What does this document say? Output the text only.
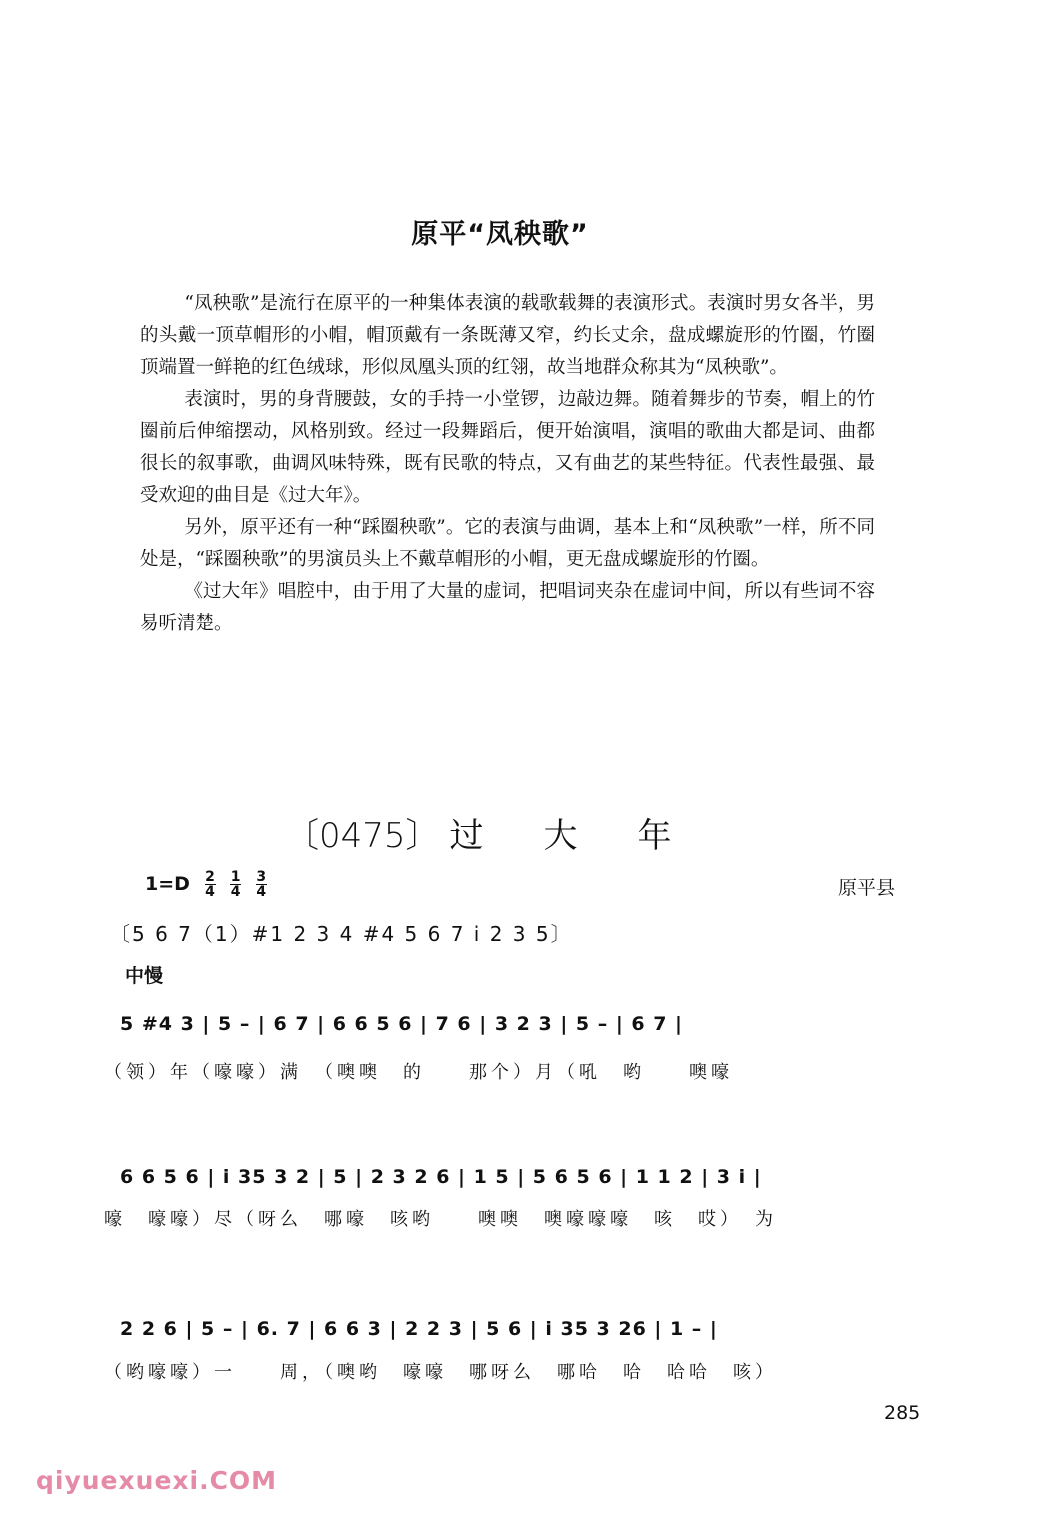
原平“凤秧歌”

“凤秧歌”是流行在原平的一种集体表演的载歌载舞的表演形式。表演时男女各半，男的头戴一顶草帽形的小帽，帽顶戴有一条既薄又窄，约长丈余，盘成螺旋形的竹圈，竹圈顶端置一鲜艳的红色绒球，形似凤凰头顶的红翎，故当地群众称其为“凤秧歌”。

表演时，男的身背腰鼓，女的手持一小堂锣，边敲边舞。随着舞步的节奏，帽上的竹圈前后伸缩摆动，风格别致。经过一段舞蹈后，便开始演唱，演唱的歌曲大都是词、曲都很长的叙事歌，曲调风味特殊，既有民歌的特点，又有曲艺的某些特征。代表性最强、最受欢迎的曲目是《过大年》。

另外，原平还有一种“踩圈秧歌”。它的表演与曲调，基本上和“凤秧歌”一样，所不同处是，“踩圈秧歌”的男演员头上不戴草帽形的小帽，更无盘成螺旋形的竹圈。

《过大年》唱腔中，由于用了大量的虚词，把唱词夹杂在虚词中间，所以有些词不容易听清楚。

〔0475〕 过 大 年
$1=D \frac{2}{4}$
$\frac{1}{4}$
$\frac{3}{4}$	原平县
〔5 6 7（1）#1 2 3 4 #4 5 6 7 i 2 3 5〕
中慢
5 #4 3 | 5 – | 6 7 | 6 6 5 6 | 7 6 | 3 2 3 | 5 – | 6 7 |
（领）年（嚎嚎）满　（噢噢　的　　那个）月（吼　哟　　噢嚎
6 6 5 6 | i 35 3 2 | 5 | 2 3 2 6 | 1 5 | 5 6 5 6 | 1 1 2 | 3 i |
嚎　嚎嚎）尽（呀么　哪嚎　咳哟　　噢噢　噢嚎嚎嚎　咳　哎）　为
2 2 6 | 5 – | 6. 7 | 6 6 3 | 2 2 3 | 5 6 | i 35 3 26 | 1 – |
（哟嚎嚎）一　　周，（噢哟　嚎嚎　哪呀么　哪哈　哈　哈哈　咳）
285
qiyuexuexi.COM
